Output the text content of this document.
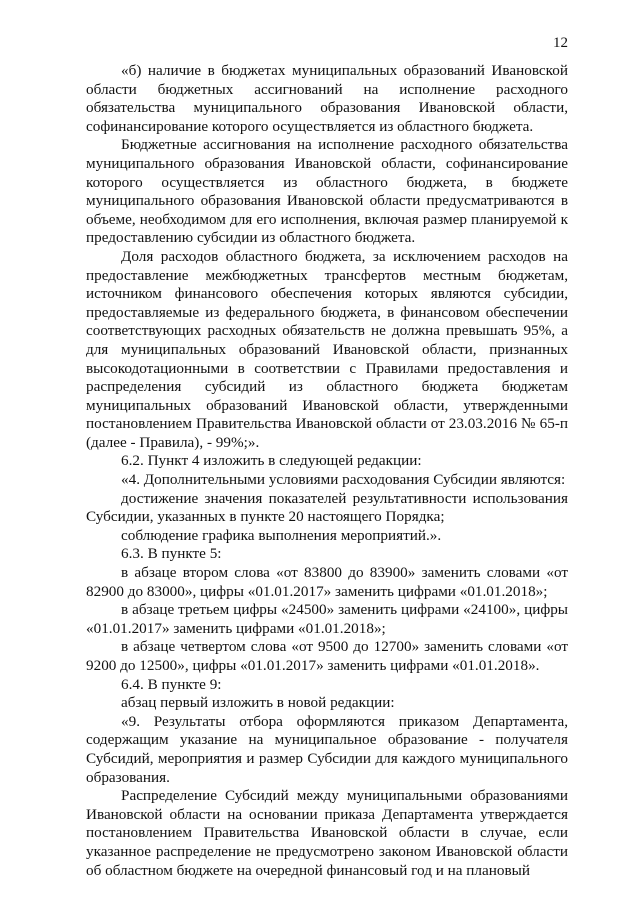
12

«б) наличие в бюджетах муниципальных образований Ивановской области бюджетных ассигнований на исполнение расходного обязательства муниципального образования Ивановской области, софинансирование которого осуществляется из областного бюджета.

Бюджетные ассигнования на исполнение расходного обязательства муниципального образования Ивановской области, софинансирование которого осуществляется из областного бюджета, в бюджете муниципального образования Ивановской области предусматриваются в объеме, необходимом для его исполнения, включая размер планируемой к предоставлению субсидии из областного бюджета.

Доля расходов областного бюджета, за исключением расходов на предоставление межбюджетных трансфертов местным бюджетам, источником финансового обеспечения которых являются субсидии, предоставляемые из федерального бюджета, в финансовом обеспечении соответствующих расходных обязательств не должна превышать 95%, а для муниципальных образований Ивановской области, признанных высокодотационными в соответствии с Правилами предоставления и распределения субсидий из областного бюджета бюджетам муниципальных образований Ивановской области, утвержденными постановлением Правительства Ивановской области от 23.03.2016 № 65-п (далее - Правила), - 99%;».

6.2. Пункт 4 изложить в следующей редакции:

«4. Дополнительными условиями расходования Субсидии являются:

достижение значения показателей результативности использования Субсидии, указанных в пункте 20 настоящего Порядка;

соблюдение графика выполнения мероприятий.».

6.3. В пункте 5:

в абзаце втором слова «от 83800 до 83900» заменить словами «от 82900 до 83000», цифры «01.01.2017» заменить цифрами «01.01.2018»;

в абзаце третьем цифры «24500» заменить цифрами «24100», цифры «01.01.2017» заменить цифрами «01.01.2018»;

в абзаце четвертом слова «от 9500 до 12700» заменить словами «от 9200 до 12500», цифры «01.01.2017» заменить цифрами «01.01.2018».

6.4. В пункте 9:

абзац первый изложить в новой редакции:

«9. Результаты отбора оформляются приказом Департамента, содержащим указание на муниципальное образование - получателя Субсидий, мероприятия и размер Субсидии для каждого муниципального образования.

Распределение Субсидий между муниципальными образованиями Ивановской области на основании приказа Департамента утверждается постановлением Правительства Ивановской области в случае, если указанное распределение не предусмотрено законом Ивановской области об областном бюджете на очередной финансовый год и на плановый
